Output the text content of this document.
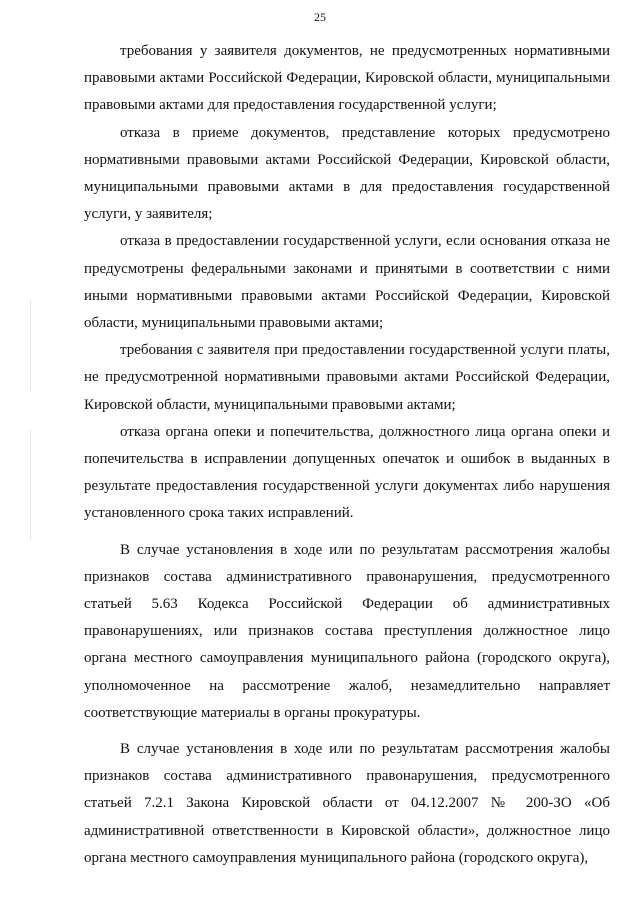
25

требования у заявителя документов, не предусмотренных нормативными правовыми актами Российской Федерации, Кировской области, муниципальными правовыми актами для предоставления государственной услуги;

отказа в приеме документов, представление которых предусмотрено нормативными правовыми актами Российской Федерации, Кировской области, муниципальными правовыми актами в для предоставления государственной услуги, у заявителя;

отказа в предоставлении государственной услуги, если основания отказа не предусмотрены федеральными законами и принятыми в соответствии с ними иными нормативными правовыми актами Российской Федерации, Кировской области, муниципальными правовыми актами;

требования с заявителя при предоставлении государственной услуги платы, не предусмотренной нормативными правовыми актами Российской Федерации, Кировской области, муниципальными правовыми актами;

отказа органа опеки и попечительства, должностного лица органа опеки и попечительства в исправлении допущенных опечаток и ошибок в выданных в результате предоставления государственной услуги документах либо нарушения установленного срока таких исправлений.

В случае установления в ходе или по результатам рассмотрения жалобы признаков состава административного правонарушения, предусмотренного статьей 5.63 Кодекса Российской Федерации об административных правонарушениях, или признаков состава преступления должностное лицо органа местного самоуправления муниципального района (городского округа), уполномоченное на рассмотрение жалоб, незамедлительно направляет соответствующие материалы в органы прокуратуры.

В случае установления в ходе или по результатам рассмотрения жалобы признаков состава административного правонарушения, предусмотренного статьей 7.2.1 Закона Кировской области от 04.12.2007 № 200-ЗО «Об административной ответственности в Кировской области», должностное лицо органа местного самоуправления муниципального района (городского округа),
